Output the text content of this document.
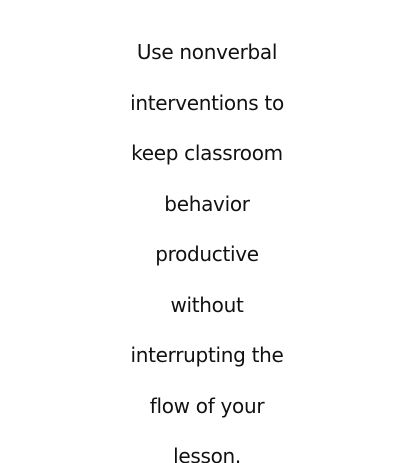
Use nonverbal
interventions to
keep classroom
behavior
productive
without
interrupting the
flow of your
lesson.
